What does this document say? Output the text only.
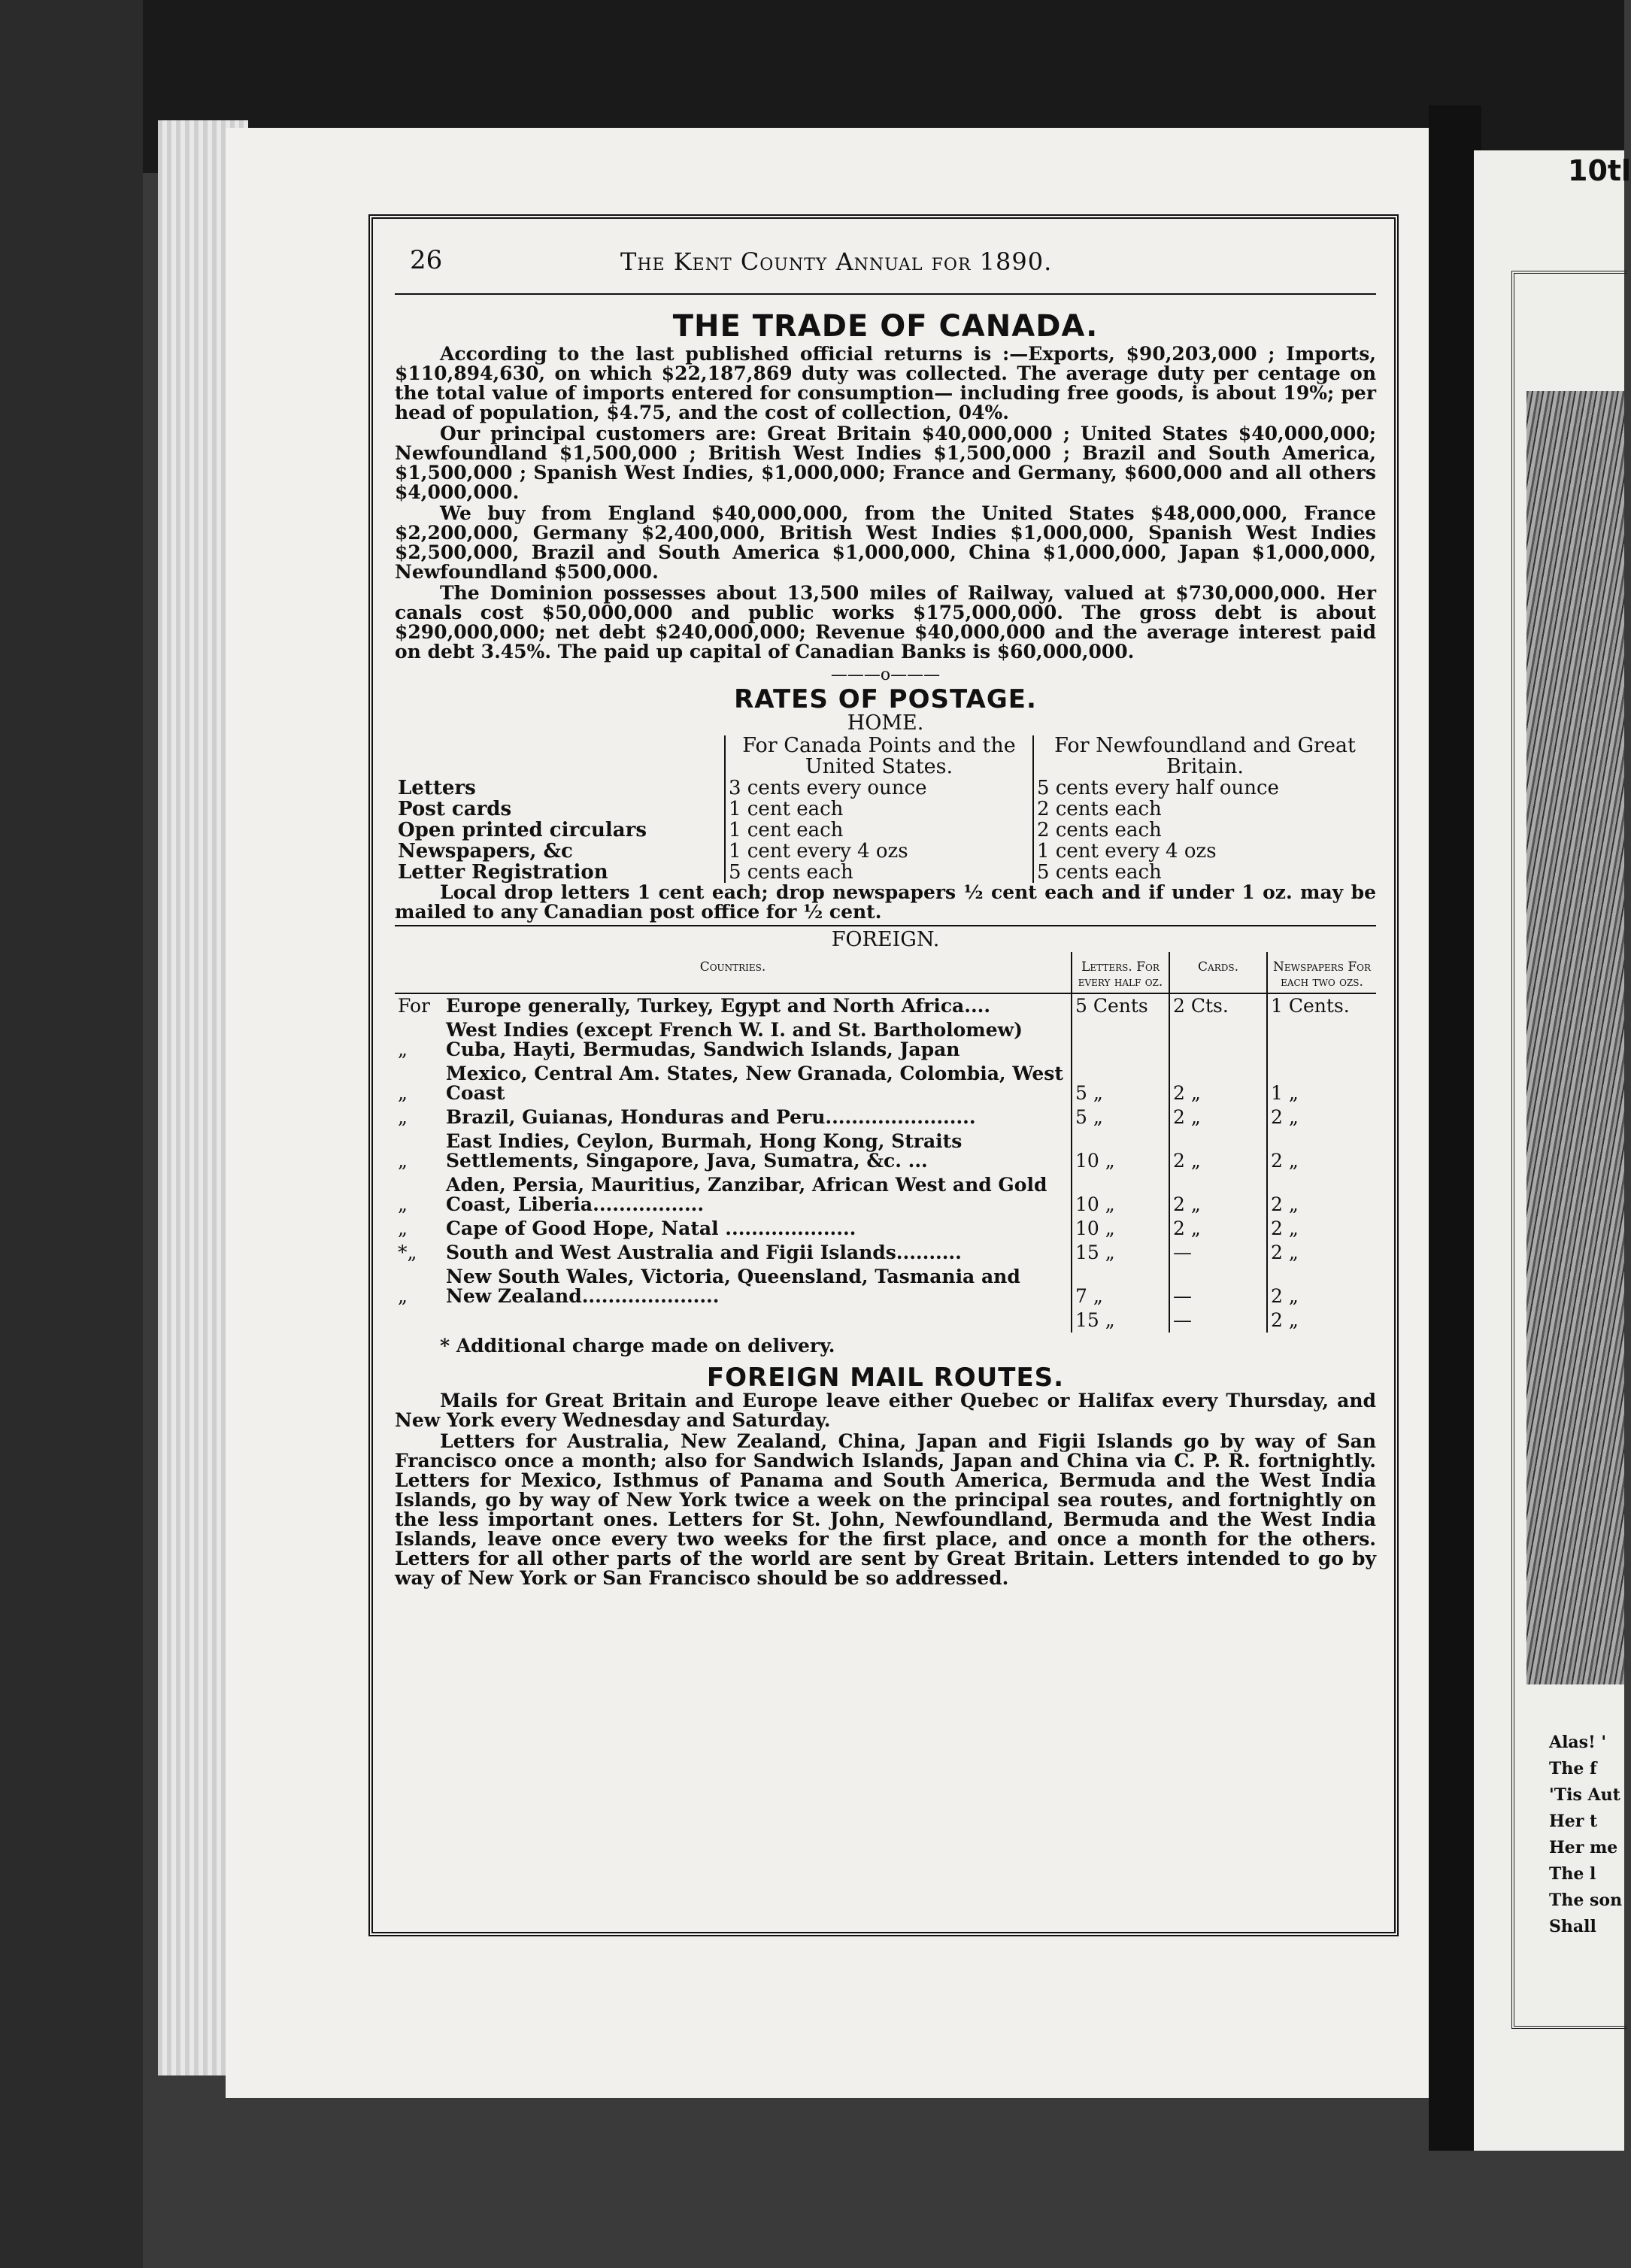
10tl
Alas! '
The f
'Tis Aut
Her t
Her me
The l
The son
Shall
26	The Kent County Annual for 1890.
THE TRADE OF CANADA.

According to the last published official returns is :—Exports, $90,203,000 ; Imports, $110,894,630, on which $22,187,869 duty was collected. The average duty per centage on the total value of imports entered for consumption— including free goods, is about 19%; per head of population, $4.75, and the cost of collection, 04%.

Our principal customers are: Great Britain $40,000,000 ; United States $40,000,000; Newfoundland $1,500,000 ; British West Indies $1,500,000 ; Brazil and South America, $1,500,000 ; Spanish West Indies, $1,000,000; France and Germany, $600,000 and all others $4,000,000.

We buy from England $40,000,000, from the United States $48,000,000, France $2,200,000, Germany $2,400,000, British West Indies $1,000,000, Spanish West Indies $2,500,000, Brazil and South America $1,000,000, China $1,000,000, Japan $1,000,000, Newfoundland $500,000.

The Dominion possesses about 13,500 miles of Railway, valued at $730,000,000. Her canals cost $50,000,000 and public works $175,000,000. The gross debt is about $290,000,000; net debt $240,000,000; Revenue $40,000,000 and the average interest paid on debt 3.45%. The paid up capital of Canadian Banks is $60,000,000.

———o———
RATES OF POSTAGE.
HOME.
	For Canada Points and the United States.	For Newfoundland and Great Britain.
Letters	3 cents every ounce	5 cents every half ounce
Post cards	1 cent each	2 cents each
Open printed circulars	1 cent each	2 cents each
Newspapers, &c	1 cent every 4 ozs	1 cent every 4 ozs
Letter Registration	5 cents each	5 cents each

Local drop letters 1 cent each; drop newspapers ½ cent each and if under 1 oz. may be mailed to any Canadian post office for ½ cent.

FOREIGN.
Countries.		Letters. For every half oz.	Cards.	Newspapers For each two ozs.
For	Europe generally, Turkey, Egypt and North Africa....	5 Cents	2 Cts.	1 Cents.
„	West Indies (except French W. I. and St. Bartholomew) Cuba, Hayti, Bermudas, Sandwich Islands, Japan			
„	Mexico, Central Am. States, New Granada, Colombia, West Coast	5 „	2 „	1 „
„	Brazil, Guianas, Honduras and Peru.......................	5 „	2 „	2 „
„	East Indies, Ceylon, Burmah, Hong Kong, Straits Settlements, Singapore, Java, Sumatra, &c. ...	10 „	2 „	2 „
„	Aden, Persia, Mauritius, Zanzibar, African West and Gold Coast, Liberia.................	10 „	2 „	2 „
„	Cape of Good Hope, Natal ....................	10 „	2 „	2 „
*„	South and West Australia and Figii Islands..........	15 „	—	2 „
„	New South Wales, Victoria, Queensland, Tasmania and New Zealand.....................	7 „	—	2 „
		15 „	—	2 „
* Additional charge made on delivery.
FOREIGN MAIL ROUTES.

Mails for Great Britain and Europe leave either Quebec or Halifax every Thursday, and New York every Wednesday and Saturday.

Letters for Australia, New Zealand, China, Japan and Figii Islands go by way of San Francisco once a month; also for Sandwich Islands, Japan and China via C. P. R. fortnightly. Letters for Mexico, Isthmus of Panama and South America, Bermuda and the West India Islands, go by way of New York twice a week on the principal sea routes, and fortnightly on the less important ones. Letters for St. John, Newfoundland, Bermuda and the West India Islands, leave once every two weeks for the first place, and once a month for the others. Letters for all other parts of the world are sent by Great Britain. Letters intended to go by way of New York or San Francisco should be so addressed.
